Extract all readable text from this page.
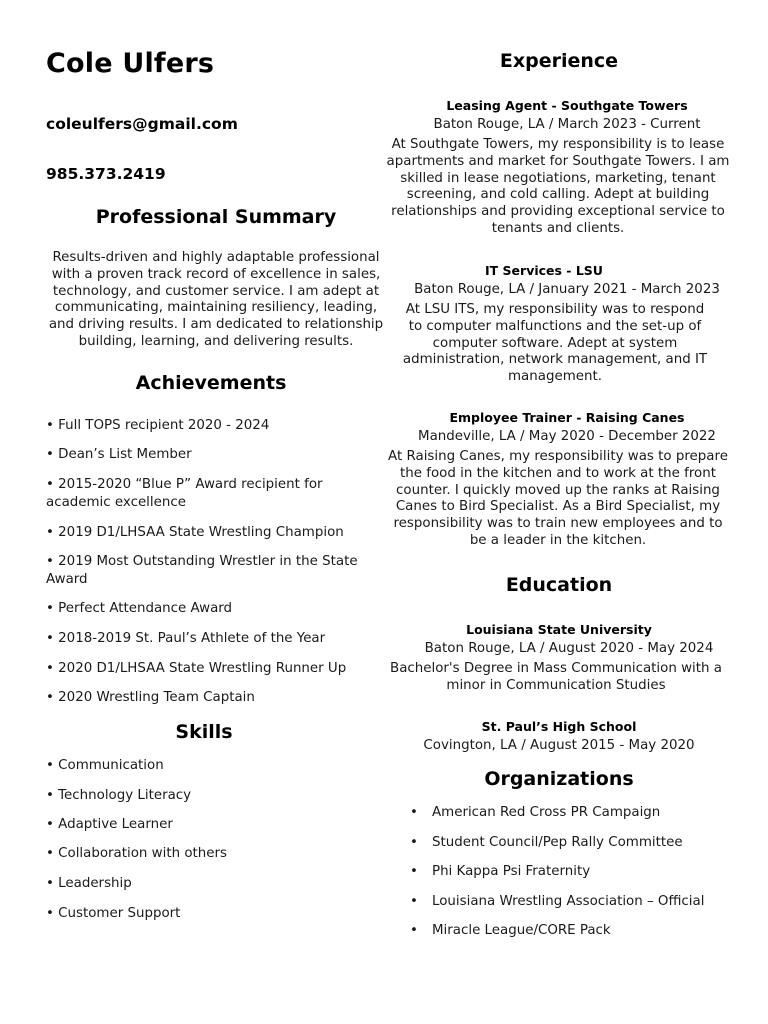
Cole Ulfers
coleulfers@gmail.com
985.373.2419
Professional Summary
Results-driven and highly adaptable professional with a proven track record of excellence in sales, technology, and customer service. I am adept at communicating, maintaining resiliency, leading, and driving results. I am dedicated to relationship building, learning, and delivering results.
Achievements
• Full TOPS recipient 2020 - 2024
• Dean’s List Member
• 2015-2020 “Blue P” Award recipient for academic excellence
• 2019 D1/LHSAA State Wrestling Champion
• 2019 Most Outstanding Wrestler in the State Award
• Perfect Attendance Award
• 2018-2019 St. Paul’s Athlete of the Year
• 2020 D1/LHSAA State Wrestling Runner Up
• 2020 Wrestling Team Captain
Skills
• Communication
• Technology Literacy
• Adaptive Learner
• Collaboration with others
• Leadership
• Customer Support
Experience
Leasing Agent - Southgate Towers
Baton Rouge, LA / March 2023 - Current
At Southgate Towers, my responsibility is to lease apartments and market for Southgate Towers. I am skilled in lease negotiations, marketing, tenant screening, and cold calling. Adept at building relationships and providing exceptional service to tenants and clients.
IT Services - LSU
Baton Rouge, LA / January 2021 - March 2023
At LSU ITS, my responsibility was to respond to computer malfunctions and the set-up of computer software. Adept at system administration, network management, and IT management.
Employee Trainer - Raising Canes
Mandeville, LA / May 2020 - December 2022
At Raising Canes, my responsibility was to prepare the food in the kitchen and to work at the front counter. I quickly moved up the ranks at Raising Canes to Bird Specialist. As a Bird Specialist, my responsibility was to train new employees and to be a leader in the kitchen.
Education
Louisiana State University
Baton Rouge, LA / August 2020 - May 2024
Bachelor's Degree in Mass Communication with a minor in Communication Studies
St. Paul’s High School
Covington, LA / August 2015 - May 2020
Organizations
• American Red Cross PR Campaign
• Student Council/Pep Rally Committee
• Phi Kappa Psi Fraternity
• Louisiana Wrestling Association – Official
• Miracle League/CORE Pack
